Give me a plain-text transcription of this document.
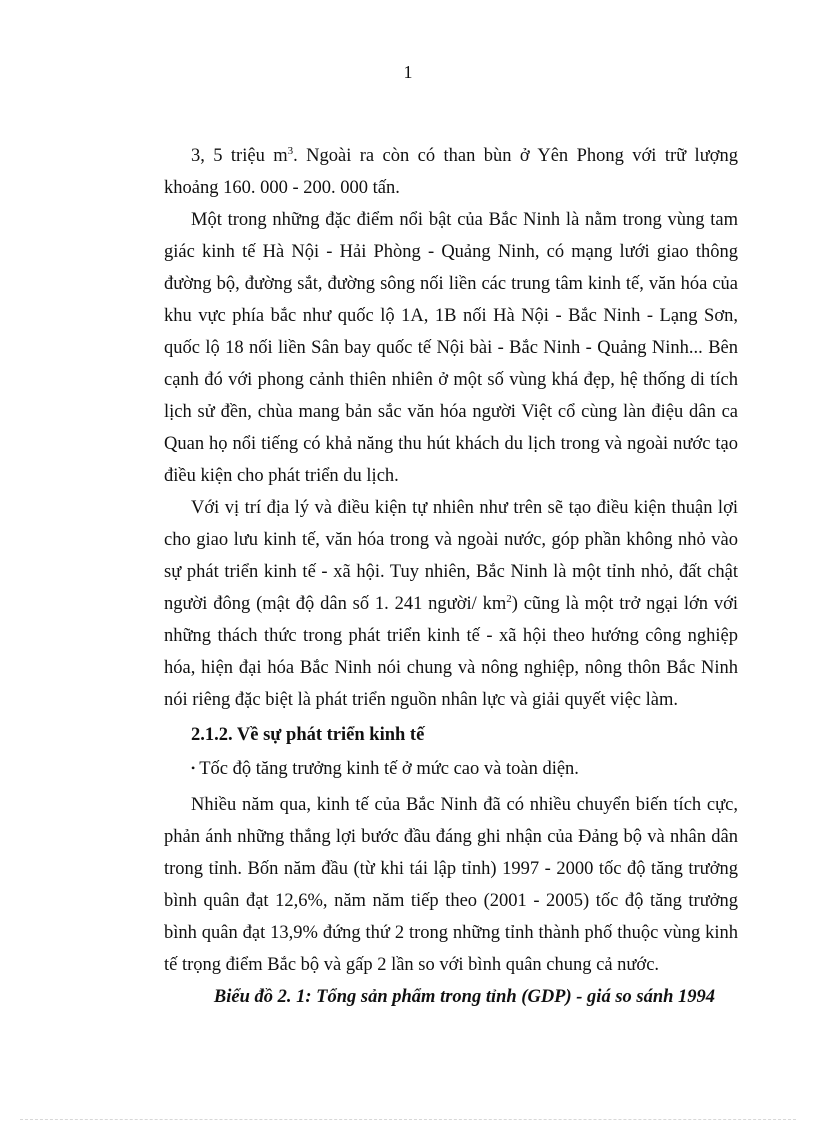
1

3, 5 triệu $m^3$. Ngoài ra còn có than bùn ở Yên Phong với trữ lượng khoảng 160. 000 - 200. 000 tấn.

Một trong những đặc điểm nổi bật của Bắc Ninh là nằm trong vùng tam giác kinh tế Hà Nội - Hải Phòng - Quảng Ninh, có mạng lưới giao thông đường bộ, đường sắt, đường sông nối liền các trung tâm kinh tế, văn hóa của khu vực phía bắc như quốc lộ 1A, 1B nối Hà Nội - Bắc Ninh - Lạng Sơn, quốc lộ 18 nối liền Sân bay quốc tế Nội bài - Bắc Ninh - Quảng Ninh... Bên cạnh đó với phong cảnh thiên nhiên ở một số vùng khá đẹp, hệ thống di tích lịch sử đền, chùa mang bản sắc văn hóa người Việt cổ cùng làn điệu dân ca Quan họ nổi tiếng có khả năng thu hút khách du lịch trong và ngoài nước tạo điều kiện cho phát triển du lịch.

Với vị trí địa lý và điều kiện tự nhiên như trên sẽ tạo điều kiện thuận lợi cho giao lưu kinh tế, văn hóa trong và ngoài nước, góp phần không nhỏ vào sự phát triển kinh tế - xã hội. Tuy nhiên, Bắc Ninh là một tỉnh nhỏ, đất chật người đông (mật độ dân số 1. 241 người/ $km^2$) cũng là một trở ngại lớn với những thách thức trong phát triển kinh tế - xã hội theo hướng công nghiệp hóa, hiện đại hóa Bắc Ninh nói chung và nông nghiệp, nông thôn Bắc Ninh nói riêng đặc biệt là phát triển nguồn nhân lực và giải quyết việc làm.

2.1.2. Về sự phát triển kinh tế

• Tốc độ tăng trưởng kinh tế ở mức cao và toàn diện.

Nhiều năm qua, kinh tế của Bắc Ninh đã có nhiều chuyển biến tích cực, phản ánh những thắng lợi bước đầu đáng ghi nhận của Đảng bộ và nhân dân trong tỉnh. Bốn năm đầu (từ khi tái lập tỉnh) 1997 - 2000 tốc độ tăng trưởng bình quân đạt 12,6%, năm năm tiếp theo (2001 - 2005) tốc độ tăng trưởng bình quân đạt 13,9% đứng thứ 2 trong những tỉnh thành phố thuộc vùng kinh tế trọng điểm Bắc bộ và gấp 2 lần so với bình quân chung cả nước.

Biểu đồ 2. 1: Tổng sản phẩm trong tỉnh (GDP) - giá so sánh 1994
